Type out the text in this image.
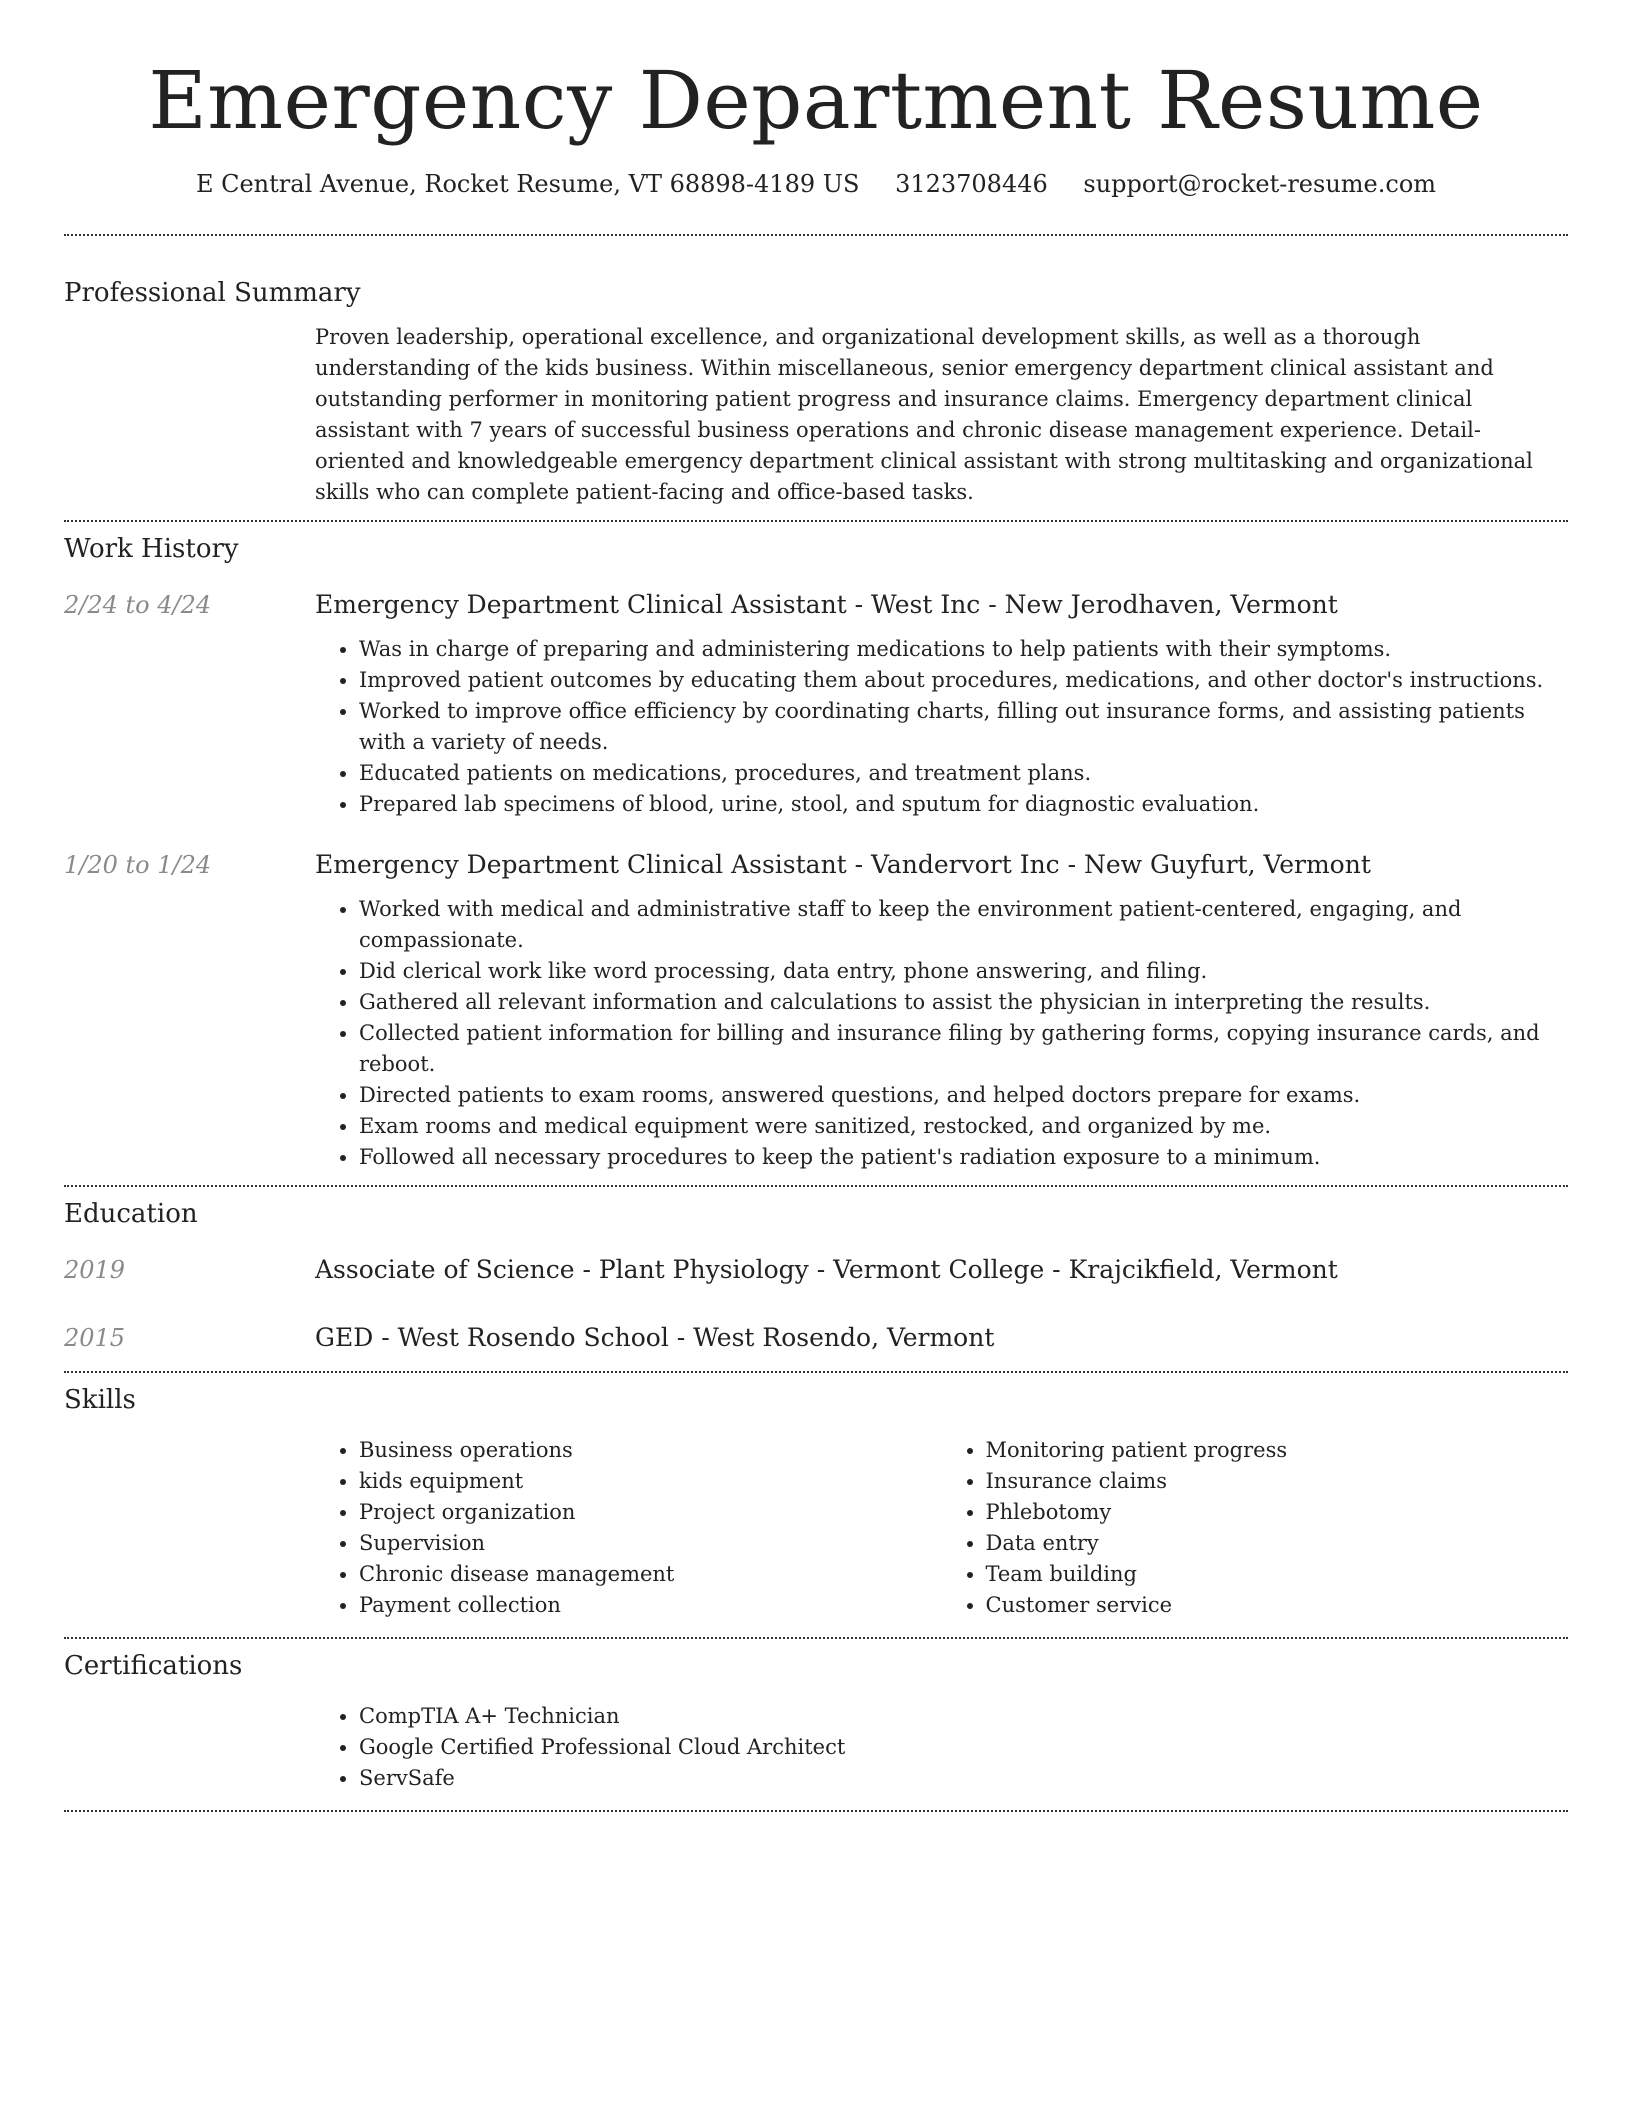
Emergency Department Resume
E Central Avenue, Rocket Resume, VT 68898-4189 US 3123708446 support@rocket-resume.com
Professional Summary

Proven leadership, operational excellence, and organizational development skills, as well as a thorough understanding of the kids business. Within miscellaneous, senior emergency department clinical assistant and outstanding performer in monitoring patient progress and insurance claims. Emergency department clinical assistant with 7 years of successful business operations and chronic disease management experience. Detail-oriented and knowledgeable emergency department clinical assistant with strong multitasking and organizational skills who can complete patient-facing and office-based tasks.

Work History
2/24 to 4/24	Emergency Department Clinical Assistant - West Inc - New Jerodhaven, Vermont
• Was in charge of preparing and administering medications to help patients with their symptoms.
• Improved patient outcomes by educating them about procedures, medications, and other doctor's instructions.
• Worked to improve office efficiency by coordinating charts, filling out insurance forms, and assisting patients with a variety of needs.
• Educated patients on medications, procedures, and treatment plans.
• Prepared lab specimens of blood, urine, stool, and sputum for diagnostic evaluation.
1/20 to 1/24	Emergency Department Clinical Assistant - Vandervort Inc - New Guyfurt, Vermont
• Worked with medical and administrative staff to keep the environment patient-centered, engaging, and compassionate.
• Did clerical work like word processing, data entry, phone answering, and filing.
• Gathered all relevant information and calculations to assist the physician in interpreting the results.
• Collected patient information for billing and insurance filing by gathering forms, copying insurance cards, and reboot.
• Directed patients to exam rooms, answered questions, and helped doctors prepare for exams.
• Exam rooms and medical equipment were sanitized, restocked, and organized by me.
• Followed all necessary procedures to keep the patient's radiation exposure to a minimum.
Education
2019	Associate of Science - Plant Physiology - Vermont College - Krajcikfield, Vermont
2015	GED - West Rosendo School - West Rosendo, Vermont
Skills
• Business operations
• kids equipment
• Project organization
• Supervision
• Chronic disease management
• Payment collection
• Monitoring patient progress
• Insurance claims
• Phlebotomy
• Data entry
• Team building
• Customer service
Certifications
• CompTIA A+ Technician
• Google Certified Professional Cloud Architect
• ServSafe
